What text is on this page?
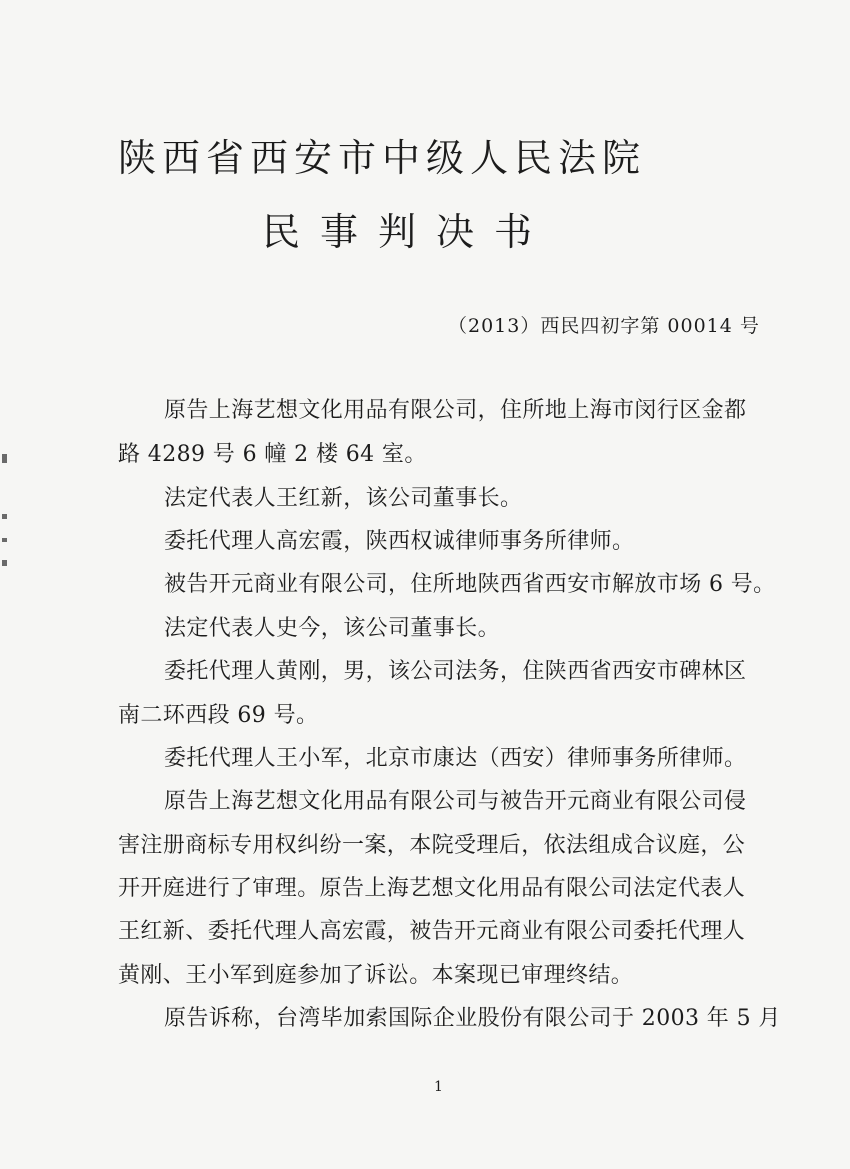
陕西省西安市中级人民法院
民事判决书
（2013）西民四初字第 00014 号
原告上海艺想文化用品有限公司，住所地上海市闵行区金都
路 4289 号 6 幢 2 楼 64 室。
法定代表人王红新，该公司董事长。
委托代理人高宏霞，陕西权诚律师事务所律师。
被告开元商业有限公司，住所地陕西省西安市解放市场 6 号。
法定代表人史今，该公司董事长。
委托代理人黄刚，男，该公司法务，住陕西省西安市碑林区
南二环西段 69 号。
委托代理人王小军，北京市康达（西安）律师事务所律师。
原告上海艺想文化用品有限公司与被告开元商业有限公司侵
害注册商标专用权纠纷一案，本院受理后，依法组成合议庭，公
开开庭进行了审理。原告上海艺想文化用品有限公司法定代表人
王红新、委托代理人高宏霞，被告开元商业有限公司委托代理人
黄刚、王小军到庭参加了诉讼。本案现已审理终结。
原告诉称，台湾毕加索国际企业股份有限公司于 2003 年 5 月
1
